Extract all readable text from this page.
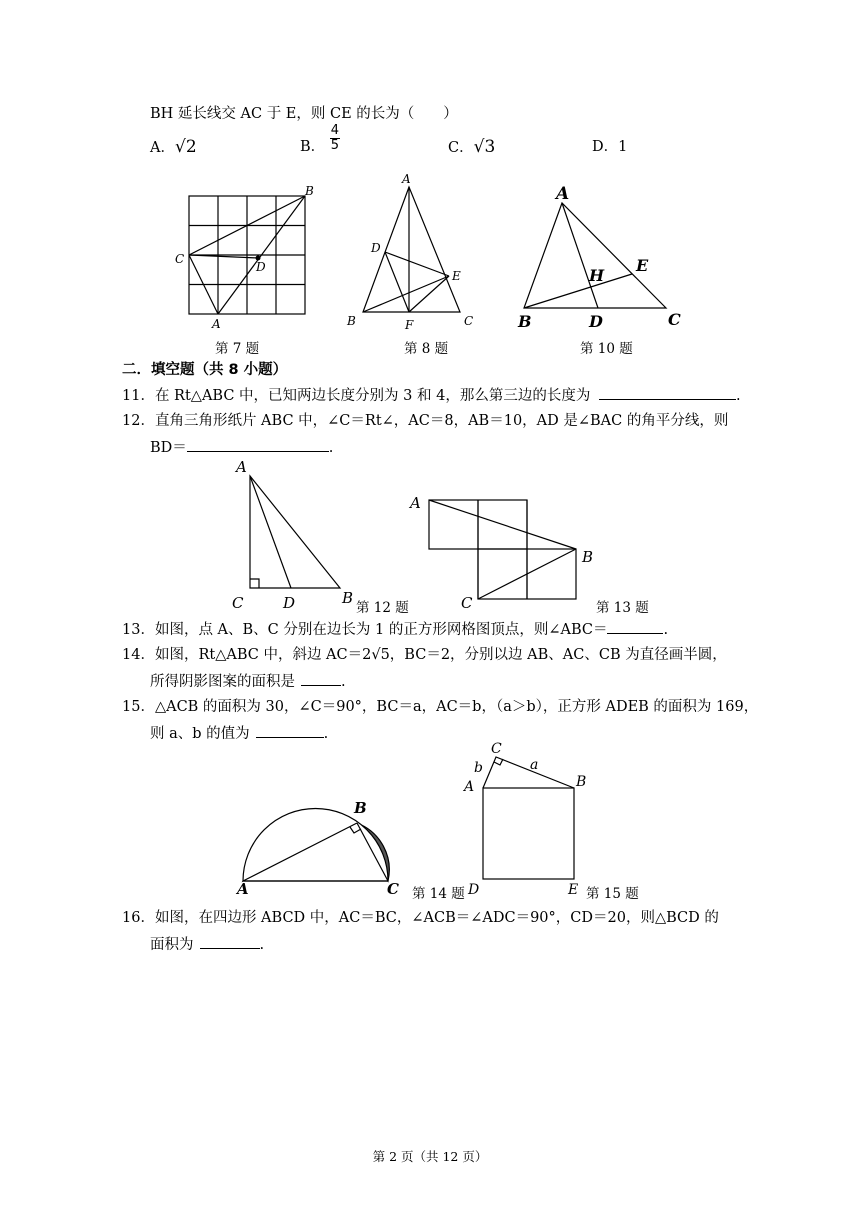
BH 延长线交 AC 于 E，则 CE 的长为（　　）
A．√2	B． $\frac{4}{5}$	C．√3	D．1
B
C
D
A
第 7 题
A
D
E
B	F	C
第 8 题
A
H
E
B	D	C
第 10 题
二．填空题（共 8 小题）
11．在 Rt△ABC 中，已知两边长度分别为 3 和 4，那么第三边的长度为	.
12．直角三角形纸片 ABC 中，∠C＝Rt∠，AC＝8，AB＝10，AD 是∠BAC 的角平分线，则
BD＝	.
A
C	D	B
第 12 题
A
B
C	第 13 题
13．如图，点 A、B、C 分别在边长为 1 的正方形网格图顶点，则∠ABC＝	.
14．如图，Rt△ABC 中，斜边 AC＝2√5，BC＝2，分别以边 AB、AC、CB 为直径画半圆，
所得阴影图案的面积是	.
15．△ACB 的面积为 30，∠C＝90°，BC＝a，AC＝b，（a＞b），正方形 ADEB 的面积为 169，
则 a、b 的值为	.
A
B
C 第 14 题
C
b	a
A	B
D	E 第 15 题
16．如图，在四边形 ABCD 中，AC＝BC，∠ACB＝∠ADC＝90°，CD＝20，则△BCD 的
面积为	.
第 2 页（共 12 页）
